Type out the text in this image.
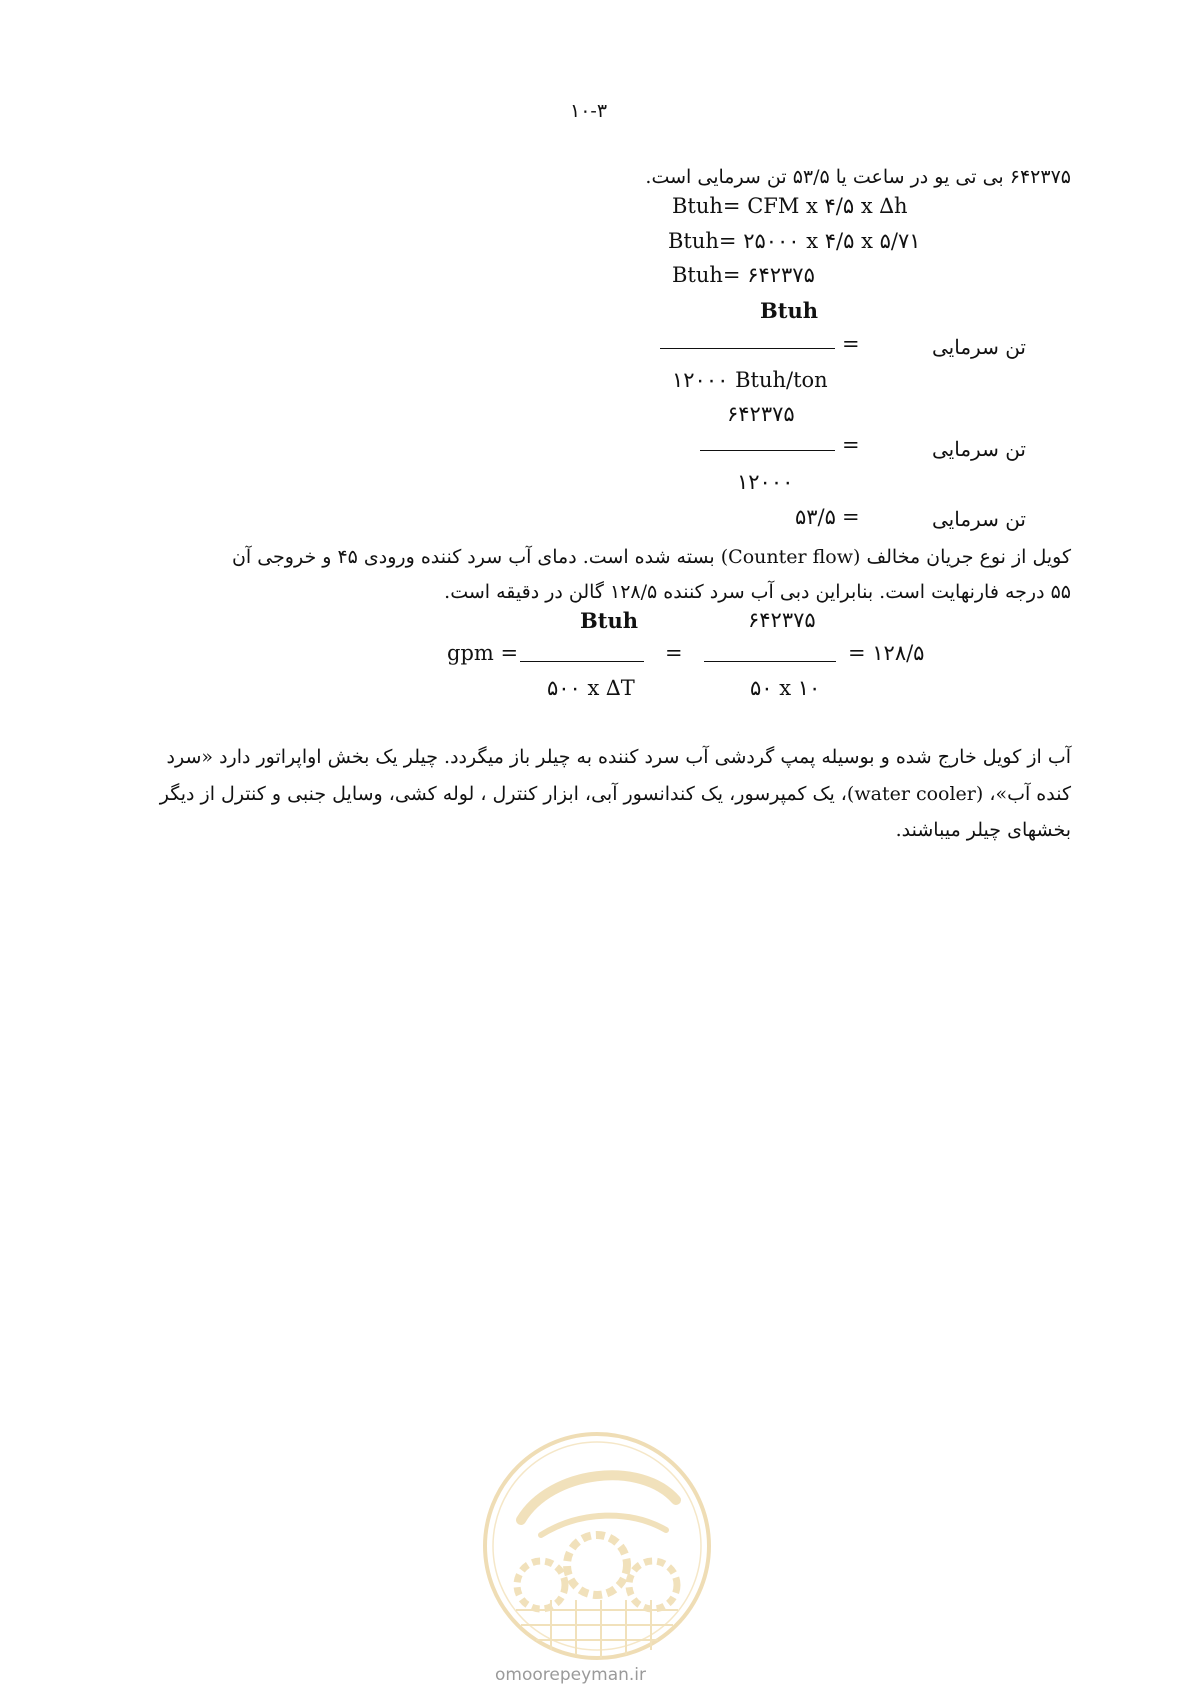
۱۰-۳
۶۴۲۳۷۵ بی تی یو در ساعت یا ۵۳/۵ تن سرمایی است.
Btuh= CFM x ۴/۵ x ∆h
Btuh= ۲۵۰۰۰ x ۴/۵ x ۵/۷۱
Btuh= ۶۴۲۳۷۵
Btuh
=	تن سرمایی
۱۲۰۰۰ Btuh/ton
۶۴۲۳۷۵
=	تن سرمایی
۱۲۰۰۰
۵۳/۵ =	تن سرمایی
کویل از نوع جریان مخالف (Counter flow) بسته شده است. دمای آب سرد کننده ورودی ۴۵ و خروجی آن
۵۵ درجه فارنهایت است. بنابراین دبی آب سرد کننده ۱۲۸/۵ گالن در دقیقه است.
Btuh	۶۴۲۳۷۵
gpm =	=	= ۱۲۸/۵
۵۰۰ x ∆T	۵۰ x ۱۰
آب از کویل خارج شده و بوسیله پمپ گردشی آب سرد کننده به چیلر باز میگردد. چیلر یک بخش اواپراتور دارد «سرد
کنده آب»، (water cooler)، یک کمپرسور، یک کندانسور آبی، ابزار کنترل ، لوله کشی، وسایل جنبی و کنترل از دیگر
بخشهای چیلر میباشند.
omoorepeyman.ir
